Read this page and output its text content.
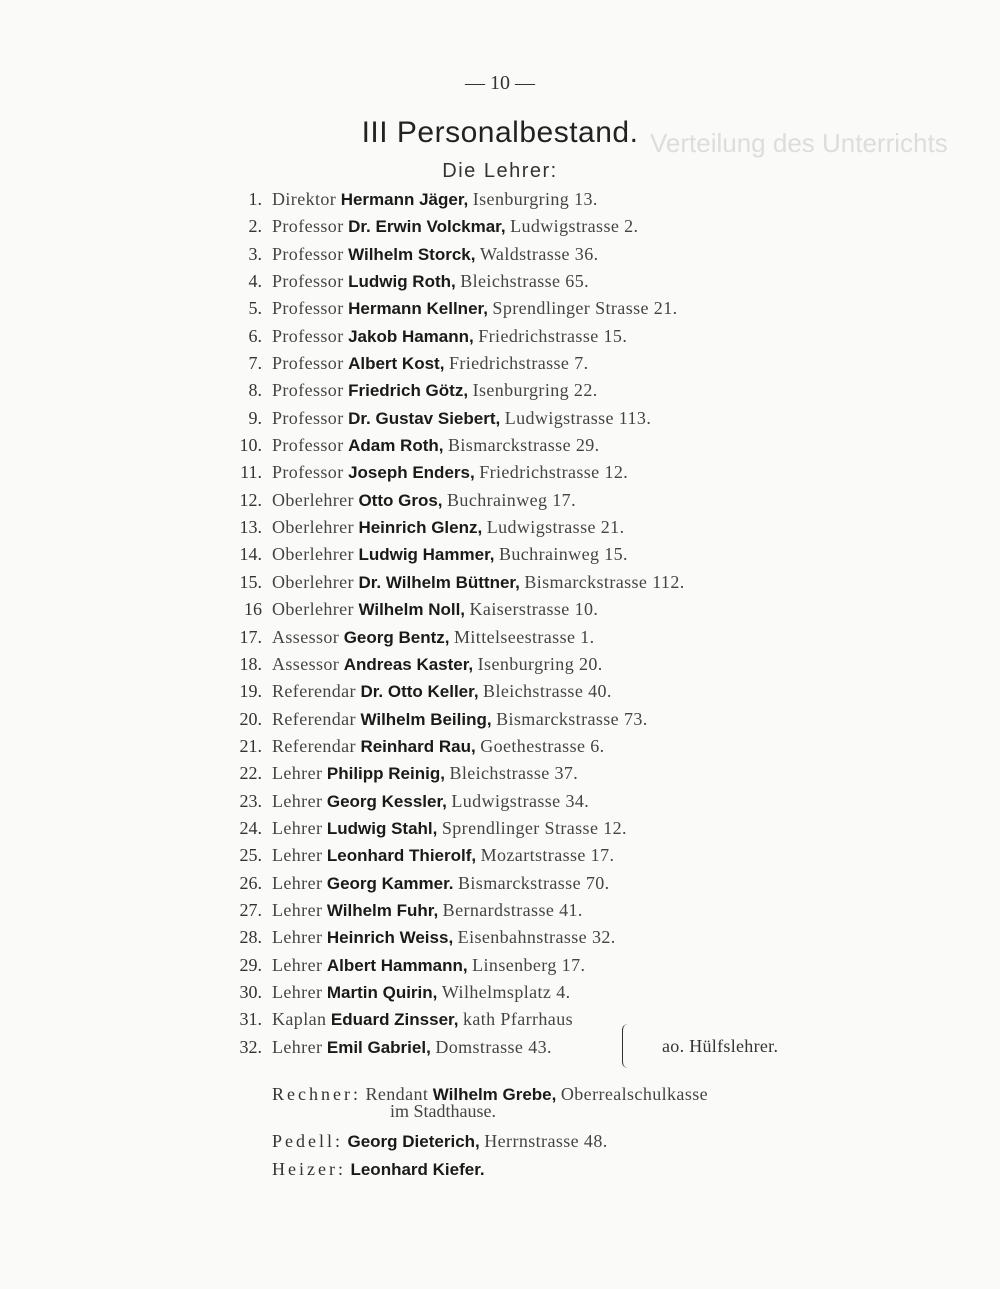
Verteilung des Unterrichts
— 10 —
III Personalbestand.
Die Lehrer:
1. Direktor Hermann Jäger, Isenburgring 13.
2. Professor Dr. Erwin Volckmar, Ludwigstrasse 2.
3. Professor Wilhelm Storck, Waldstrasse 36.
4. Professor Ludwig Roth, Bleichstrasse 65.
5. Professor Hermann Kellner, Sprendlinger Strasse 21.
6. Professor Jakob Hamann, Friedrichstrasse 15.
7. Professor Albert Kost, Friedrichstrasse 7.
8. Professor Friedrich Götz, Isenburgring 22.
9. Professor Dr. Gustav Siebert, Ludwigstrasse 113.
10. Professor Adam Roth, Bismarckstrasse 29.
11. Professor Joseph Enders, Friedrichstrasse 12.
12. Oberlehrer Otto Gros, Buchrainweg 17.
13. Oberlehrer Heinrich Glenz, Ludwigstrasse 21.
14. Oberlehrer Ludwig Hammer, Buchrainweg 15.
15. Oberlehrer Dr. Wilhelm Büttner, Bismarckstrasse 112.
16 Oberlehrer Wilhelm Noll, Kaiserstrasse 10.
17. Assessor Georg Bentz, Mittelseestrasse 1.
18. Assessor Andreas Kaster, Isenburgring 20.
19. Referendar Dr. Otto Keller, Bleichstrasse 40.
20. Referendar Wilhelm Beiling, Bismarckstrasse 73.
21. Referendar Reinhard Rau, Goethestrasse 6.
22. Lehrer Philipp Reinig, Bleichstrasse 37.
23. Lehrer Georg Kessler, Ludwigstrasse 34.
24. Lehrer Ludwig Stahl, Sprendlinger Strasse 12.
25. Lehrer Leonhard Thierolf, Mozartstrasse 17.
26. Lehrer Georg Kammer. Bismarckstrasse 70.
27. Lehrer Wilhelm Fuhr, Bernardstrasse 41.
28. Lehrer Heinrich Weiss, Eisenbahnstrasse 32.
29. Lehrer Albert Hammann, Linsenberg 17.
30. Lehrer Martin Quirin, Wilhelmsplatz 4.
31. Kaplan Eduard Zinsser, kath Pfarrhaus
32. Lehrer Emil Gabriel, Domstrasse 43.	ao. Hülfslehrer.
Rechner: Rendant Wilhelm Grebe, Oberrealschulkasse
im Stadthause.
Pedell: Georg Dieterich, Herrnstrasse 48.
Heizer: Leonhard Kiefer.
